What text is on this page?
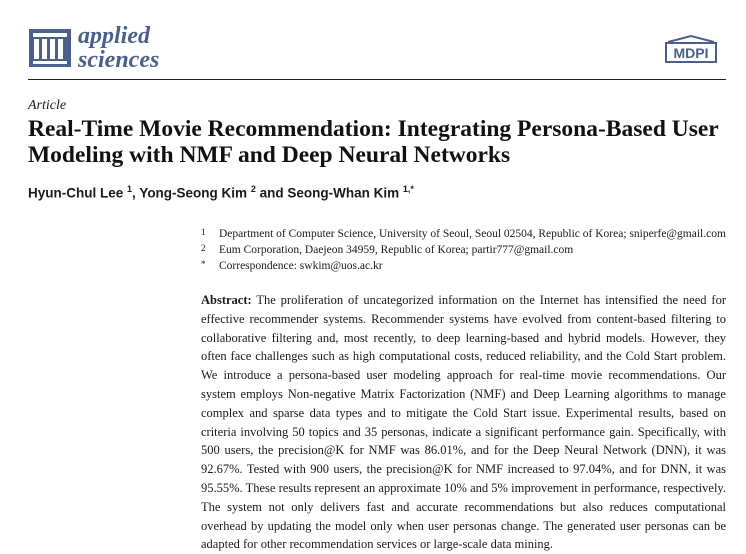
applied
sciences	MDPI
Article
Real-Time Movie Recommendation: Integrating Persona-Based User Modeling with NMF and Deep Neural Networks
Hyun-Chul Lee $^1$, Yong-Seong Kim $^2$ and Seong-Whan Kim $^{1,*}$
1	Department of Computer Science, University of Seoul, Seoul 02504, Republic of Korea; sniperfe@gmail.com
2	Eum Corporation, Daejeon 34959, Republic of Korea; partir777@gmail.com
*	Correspondence: swkim@uos.ac.kr

Abstract: The proliferation of uncategorized information on the Internet has intensified the need for effective recommender systems. Recommender systems have evolved from content-based filtering to collaborative filtering and, most recently, to deep learning-based and hybrid models. However, they often face challenges such as high computational costs, reduced reliability, and the Cold Start problem. We introduce a persona-based user modeling approach for real-time movie recommendations. Our system employs Non-negative Matrix Factorization (NMF) and Deep Learning algorithms to manage complex and sparse data types and to mitigate the Cold Start issue. Experimental results, based on criteria involving 50 topics and 35 personas, indicate a significant performance gain. Specifically, with 500 users, the precision@K for NMF was 86.01%, and for the Deep Neural Network (DNN), it was 92.67%. Tested with 900 users, the precision@K for NMF increased to 97.04%, and for DNN, it was 95.55%. These results represent an approximate 10% and 5% improvement in performance, respectively. The system not only delivers fast and accurate recommendations but also reduces computational overhead by updating the model only when user personas change. The generated user personas can be adapted for other recommendation services or large-scale data mining.
